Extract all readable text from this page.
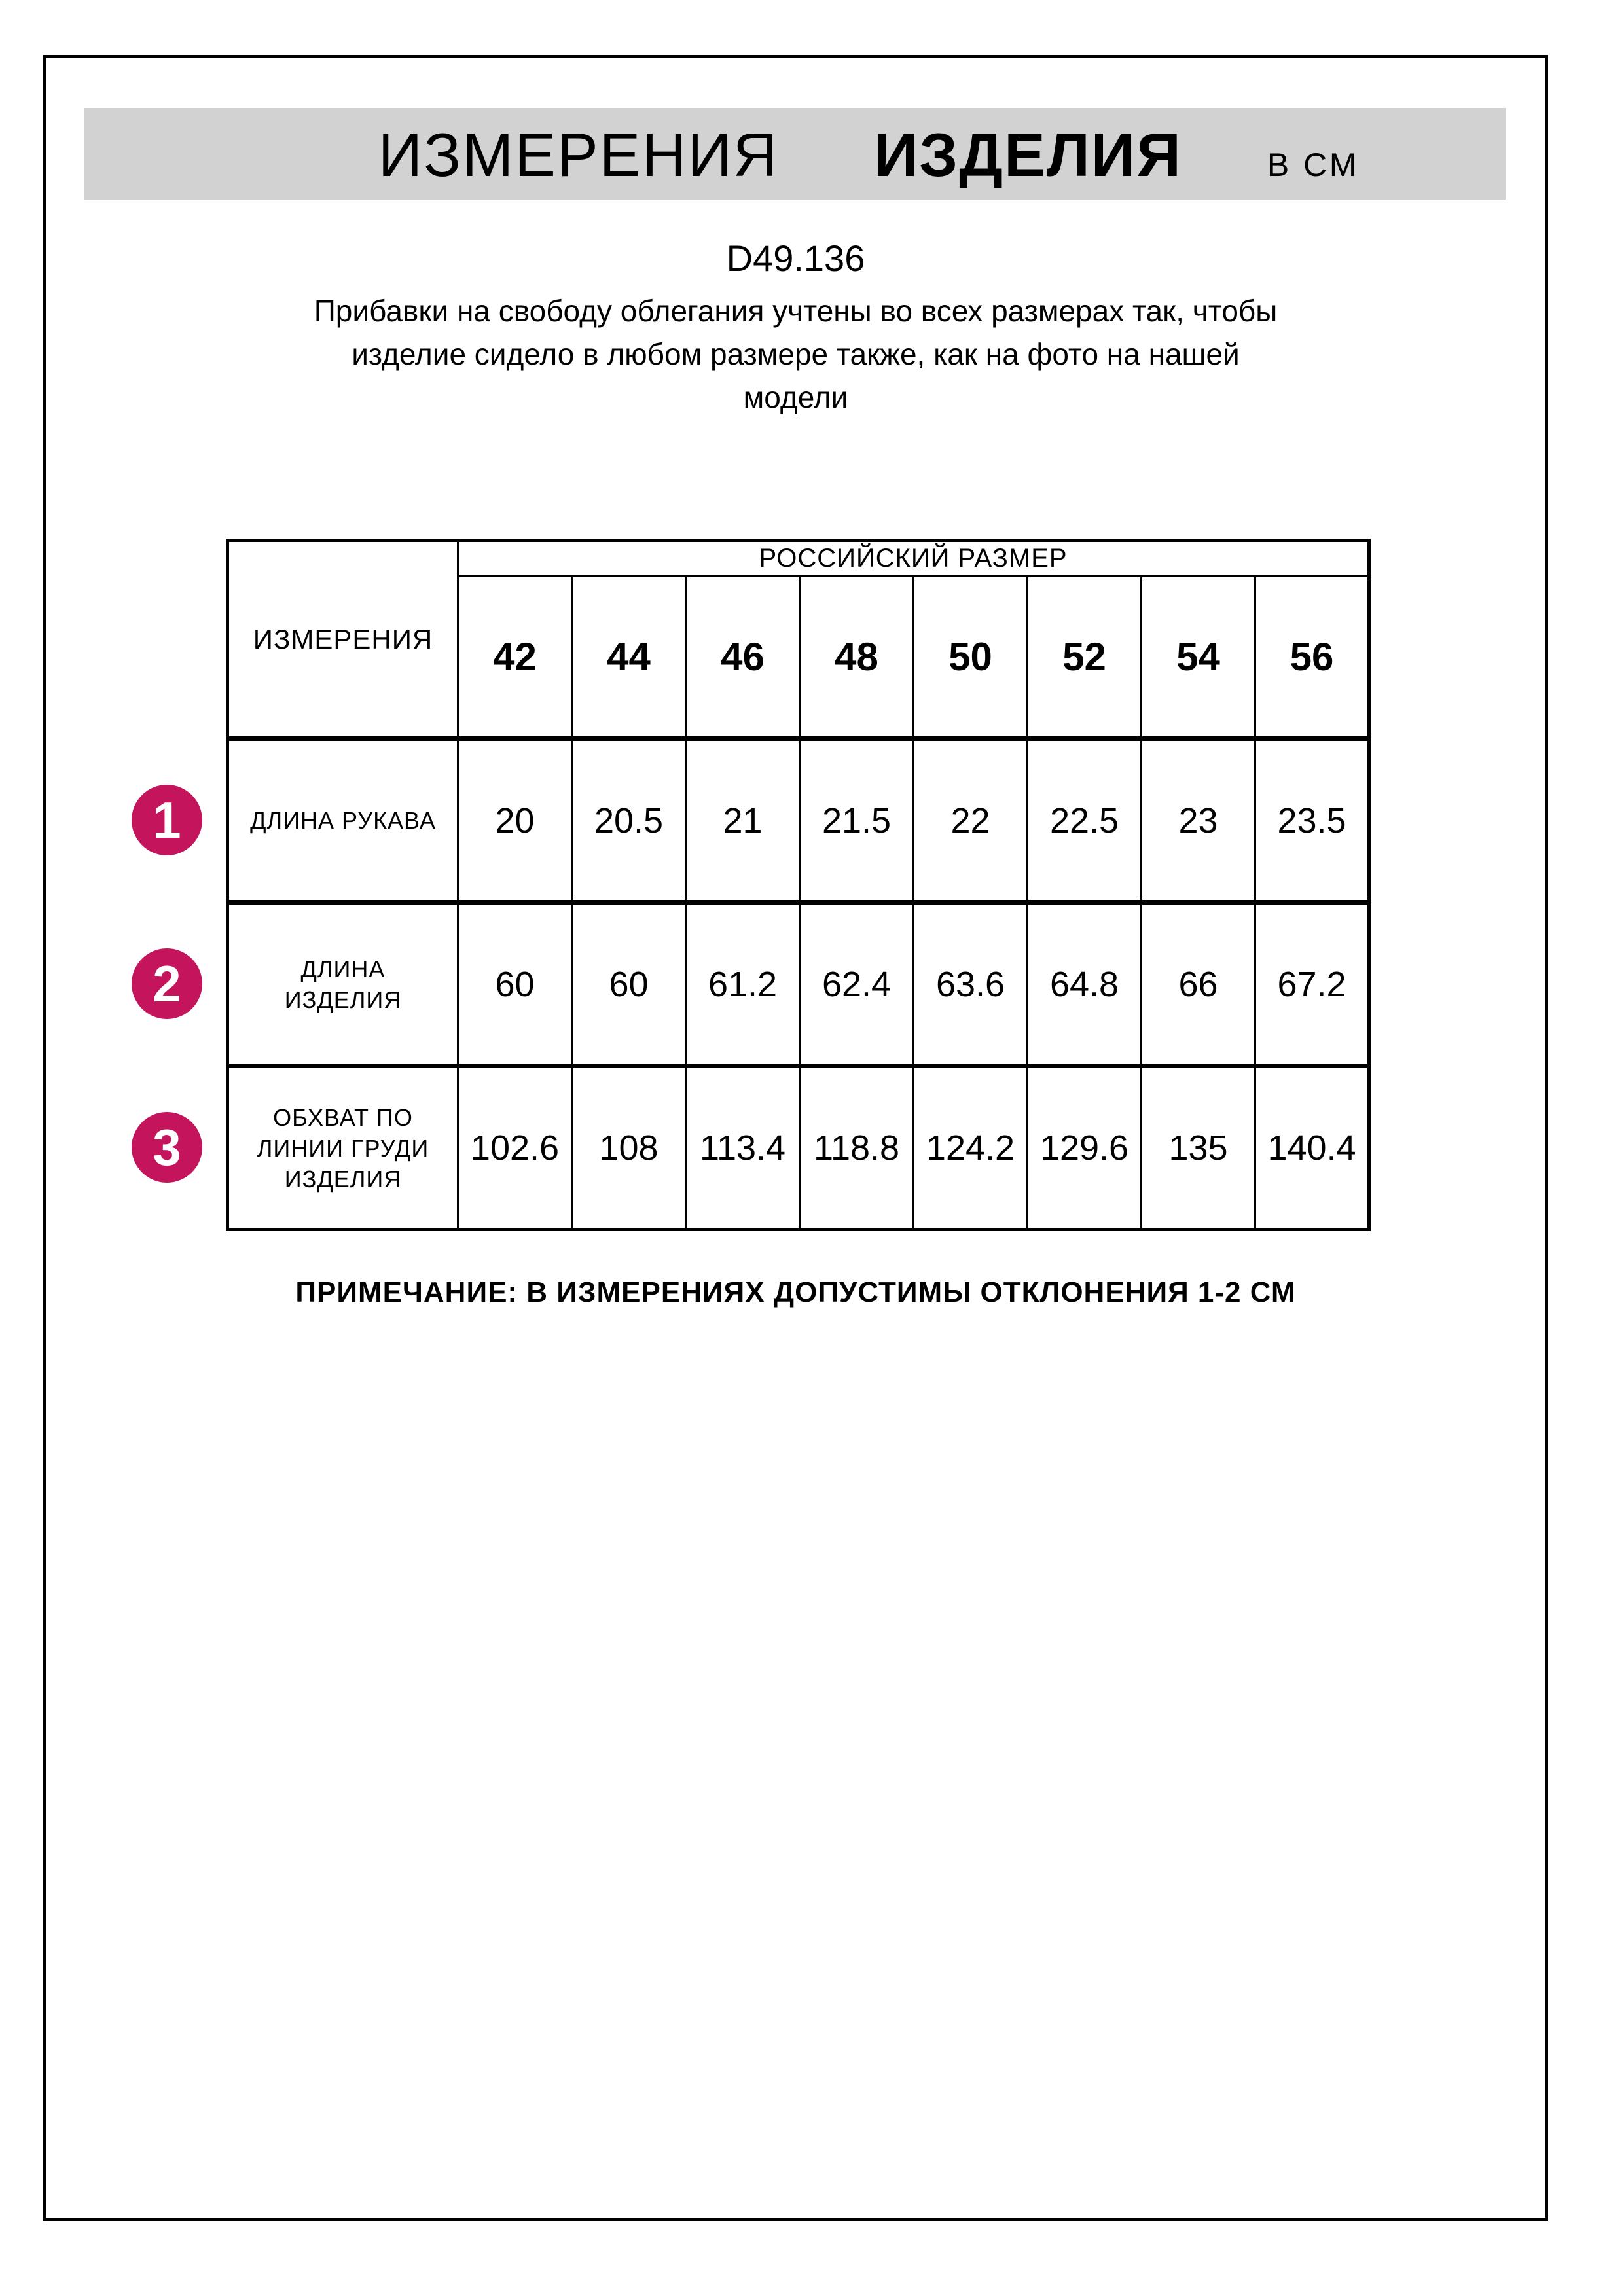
ИЗМЕРЕНИЯ ИЗДЕЛИЯ	В СМ
D49.136
Прибавки на свободу облегания учтены во всех размерах так, чтобы
изделие сидело в любом размере также, как на фото на нашей
модели
ИЗМЕРЕНИЯ	РОССИЙСКИЙ РАЗМЕР							
	42	44	46	48	50	52	54	56

ДЛИНА РУКАВА	20	20.5	21	21.5	22	22.5	23	23.5

ДЛИНА
ИЗДЕЛИЯ	60	60	61.2	62.4	63.6	64.8	66	67.2

ОБХВАТ ПО
ЛИНИИ ГРУДИ
ИЗДЕЛИЯ	102.6	108	113.4	118.8	124.2	129.6	135	140.4
1
2
3
ПРИМЕЧАНИЕ: В ИЗМЕРЕНИЯХ ДОПУСТИМЫ ОТКЛОНЕНИЯ 1-2 СМ
